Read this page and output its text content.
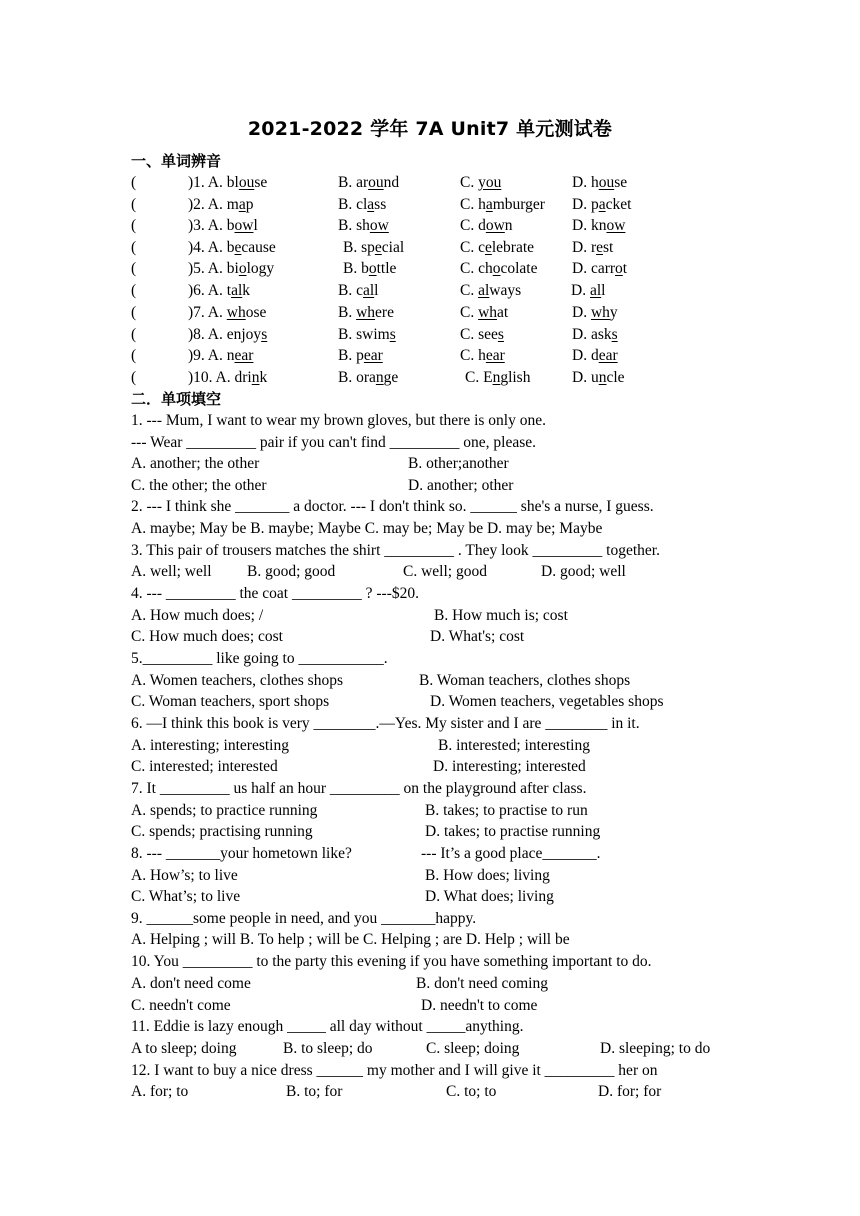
2021-2022 学年 7A Unit7 单元测试卷
一、单词辨音
(	)1. A. blouse	B. around	C. you	D. house
(	)2. A. map	B. class	C. hamburger D. packet
(	)3. A. bowl	B. show	C. down	D. know
(	)4. A. because	B. special	C. celebrate D. rest
(	)5. A. biology	B. bottle	C. chocolate D. carrot
(	)6. A. talk	B. call	C. always	D. all
(	)7. A. whose	B. where	C. what	D. why
(	)8. A. enjoys	B. swims	C. sees	D. asks
(	)9. A. near	B. pear	C. hear	D. dear
(	)10. A. drink	B. orange	C. English	D. uncle
二．单项填空
1. --- Mum, I want to wear my brown gloves, but there is only one.
--- Wear _________ pair if you can't find _________ one, please.
A. another; the other	B. other;another
C. the other; the other	D. another; other
2. --- I think she _______ a doctor. --- I don't think so. ______ she's a nurse, I guess.
A. maybe; May be B. maybe; Maybe C. may be; May be D. may be; Maybe
3. This pair of trousers matches the shirt _________ . They look _________ together.
A. well; well B. good; good	C. well; good	D. good; well
4. --- _________ the coat _________ ? ---$20.
A. How much does; /	B. How much is; cost
C. How much does; cost	D. What's; cost
5._________ like going to ___________.
A. Women teachers, clothes shops	B. Woman teachers, clothes shops
C. Woman teachers, sport shops	D. Women teachers, vegetables shops
6. —I think this book is very ________.—Yes. My sister and I are ________ in it.
A. interesting; interesting	B. interested; interesting
C. interested; interested	D. interesting; interested
7. It _________ us half an hour _________ on the playground after class.
A. spends; to practice running	B. takes; to practise to run
C. spends; practising running	D. takes; to practise running
8. --- _______your hometown like?	--- It’s a good place_______.
A. How’s; to live	B. How does; living
C. What’s; to live	D. What does; living
9. ______some people in need, and you _______happy.
A. Helping ; will B. To help ; will be C. Helping ; are D. Help ; will be
10. You _________ to the party this evening if you have something important to do.
A. don't need come	B. don't need coming
C. needn't come	D. needn't to come
11. Eddie is lazy enough _____ all day without _____anything.
A to sleep; doing	B. to sleep; do	C. sleep; doing	D. sleeping; to do
12. I want to buy a nice dress ______ my mother and I will give it _________ her on
A. for; to	B. to; for	C. to; to	D. for; for
